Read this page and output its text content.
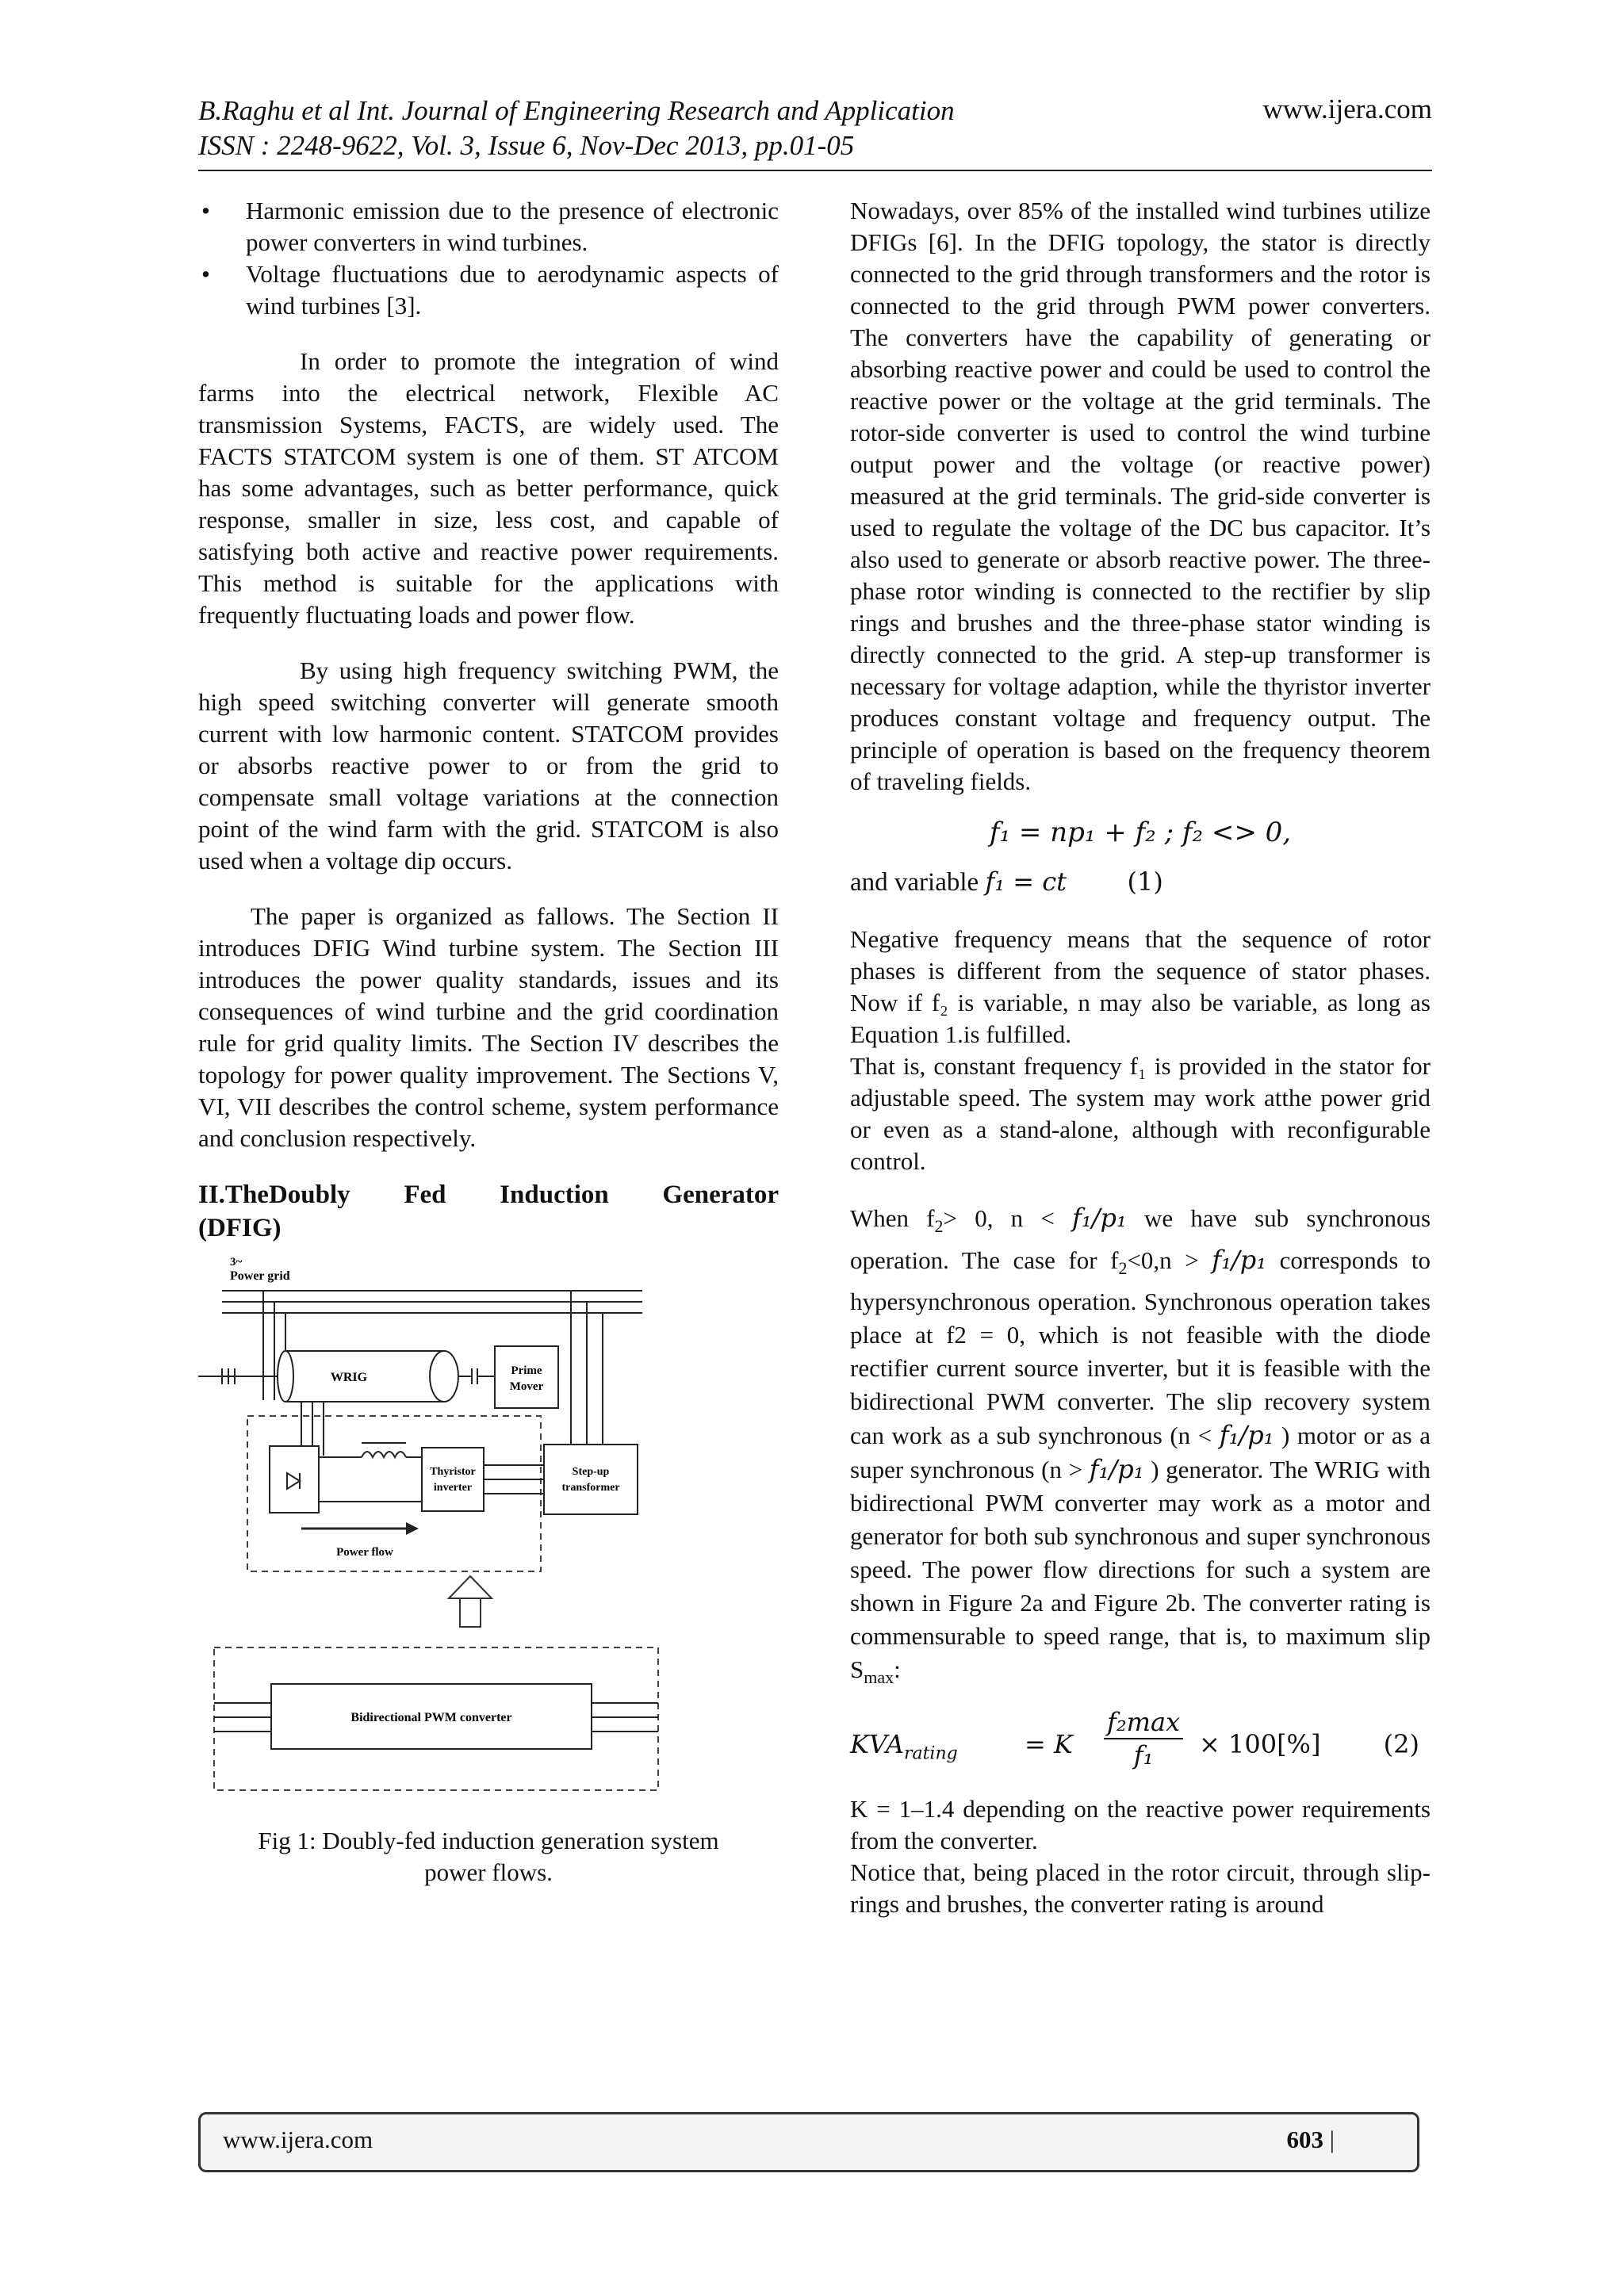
B.Raghu et al Int. Journal of Engineering Research and Application
ISSN : 2248-9622, Vol. 3, Issue 6, Nov-Dec 2013, pp.01-05
www.ijera.com
• Harmonic emission due to the presence of electronic power converters in wind turbines.
• Voltage fluctuations due to aerodynamic aspects of wind turbines [3].

In order to promote the integration of wind farms into the electrical network, Flexible AC transmission Systems, FACTS, are widely used. The FACTS STATCOM system is one of them. ST ATCOM has some advantages, such as better performance, quick response, smaller in size, less cost, and capable of satisfying both active and reactive power requirements. This method is suitable for the applications with frequently fluctuating loads and power flow.

By using high frequency switching PWM, the high speed switching converter will generate smooth current with low harmonic content. STATCOM provides or absorbs reactive power to or from the grid to compensate small voltage variations at the connection point of the wind farm with the grid. STATCOM is also used when a voltage dip occurs.

The paper is organized as fallows. The Section II introduces DFIG Wind turbine system. The Section III introduces the power quality standards, issues and its consequences of wind turbine and the grid coordination rule for grid quality limits. The Section IV describes the topology for power quality improvement. The Sections V, VI, VII describes the control scheme, system performance and conclusion respectively.

II.TheDoubly Fed Induction Generator
(DFIG)
3~
Power grid
WRIG	Prime
Mover
Thyristor
inverter
Step-up
transformer
Power flow
Bidirectional PWM converter
Fig 1: Doubly-fed induction generation system
power flows.

Nowadays, over 85% of the installed wind turbines utilize DFIGs [6]. In the DFIG topology, the stator is directly connected to the grid through transformers and the rotor is connected to the grid through PWM power converters. The converters have the capability of generating or absorbing reactive power and could be used to control the reactive power or the voltage at the grid terminals. The rotor-side converter is used to control the wind turbine output power and the voltage (or reactive power) measured at the grid terminals. The grid-side converter is used to regulate the voltage of the DC bus capacitor. It’s also used to generate or absorb reactive power. The three-phase rotor winding is connected to the rectifier by slip rings and brushes and the three-phase stator winding is directly connected to the grid. A step-up transformer is necessary for voltage adaption, while the thyristor inverter produces constant voltage and frequency output. The principle of operation is based on the frequency theorem of traveling fields.

f₁ = np₁ + f₂ ; f₂ <> 0,
and variable f₁ = ct (1)

Negative frequency means that the sequence of rotor phases is different from the sequence of stator phases. Now if f₂ is variable, n may also be variable, as long as Equation 1.is fulfilled.

That is, constant frequency f₁ is provided in the stator for adjustable speed. The system may work atthe power grid or even as a stand-alone, although with reconfigurable control.

When $f_2> 0$, n < f₁/p₁ we have sub synchronous operation. The case for $f_2<0,n > f_1/p_1$ corresponds to hypersynchronous operation. Synchronous operation takes place at f2 = 0, which is not feasible with the diode rectifier current source inverter, but it is feasible with the bidirectional PWM converter. The slip recovery system can work as a sub synchronous (n < f₁/p₁ ) motor or as a super synchronous (n > f₁/p₁ ) generator. The WRIG with bidirectional PWM converter may work as a motor and generator for both sub synchronous and super synchronous speed. The power flow directions for such a system are shown in Figure 2a and Figure 2b. The converter rating is commensurable to speed range, that is, to maximum slip $S_{max}$:

$KVA_{rating}$	= K
f₂max
f₁	× 100[%] (2)

K = 1–1.4 depending on the reactive power requirements from the converter.

Notice that, being placed in the rotor circuit, through slip-rings and brushes, the converter rating is around

www.ijera.com	603 |
